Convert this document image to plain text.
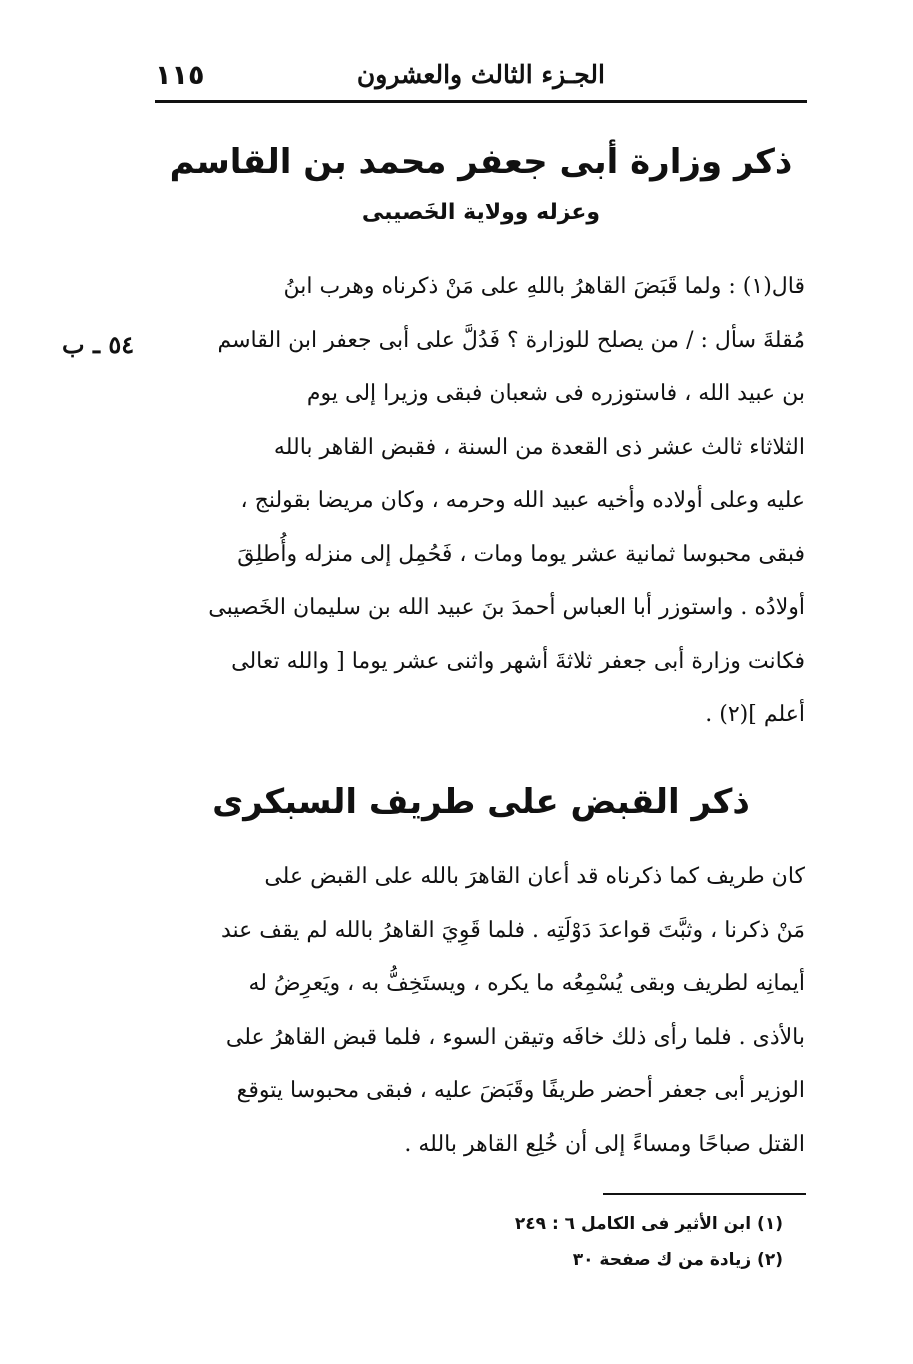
١١٥	الجـزء الثالث والعشرون
ذكر وزارة أبى جعفر محمد بن القاسم
وعزله وولاية الخَصيبى
قال(١) : ولما قَبَضَ القاهرُ باللهِ على مَنْ ذكرناه وهرب ابنُ
مُقلةَ سأل : / من يصلح للوزارة ؟ فَدُلَّ على أبى جعفر ابن القاسم
بن عبيد الله ، فاستوزره فى شعبان فبقى وزيرا إلى يوم
الثلاثاء ثالث عشر ذى القعدة من السنة ، فقبض القاهر بالله
عليه وعلى أولاده وأخيه عبيد الله وحرمه ، وكان مريضا بقولنج ،
فبقى محبوسا ثمانية عشر يوما ومات ، فَحُمِل إلى منزله وأُطلِقَ
أولادُه . واستوزر أبا العباس أحمدَ بنَ عبيد الله بن سليمان الخَصيبى
فكانت وزارة أبى جعفر ثلاثةَ أشهر واثنى عشر يوما [ والله تعالى
أعلم ](٢) .
٥٤ ـ ب
ذكر القبض على طريف السبكرى
كان طريف كما ذكرناه قد أعان القاهرَ بالله على القبض على
مَنْ ذكرنا ، وثبَّتَ قواعدَ دَوْلَتِه . فلما قَوِيَ القاهرُ بالله لم يقف عند
أيمانِه لطريف وبقى يُسْمِعُه ما يكره ، ويستَخِفُّ به ، ويَعرِضُ له
بالأذى . فلما رأى ذلك خافَه وتيقن السوء ، فلما قبض القاهرُ على
الوزير أبى جعفر أحضر طريفًا وقَبَضَ عليه ، فبقى محبوسا يتوقع
القتل صباحًا ومساءً إلى أن خُلِع القاهر بالله .
(١) ابن الأثير فى الكامل ٦ : ٢٤٩
(٢) زيادة من ك صفحة ٣٠
